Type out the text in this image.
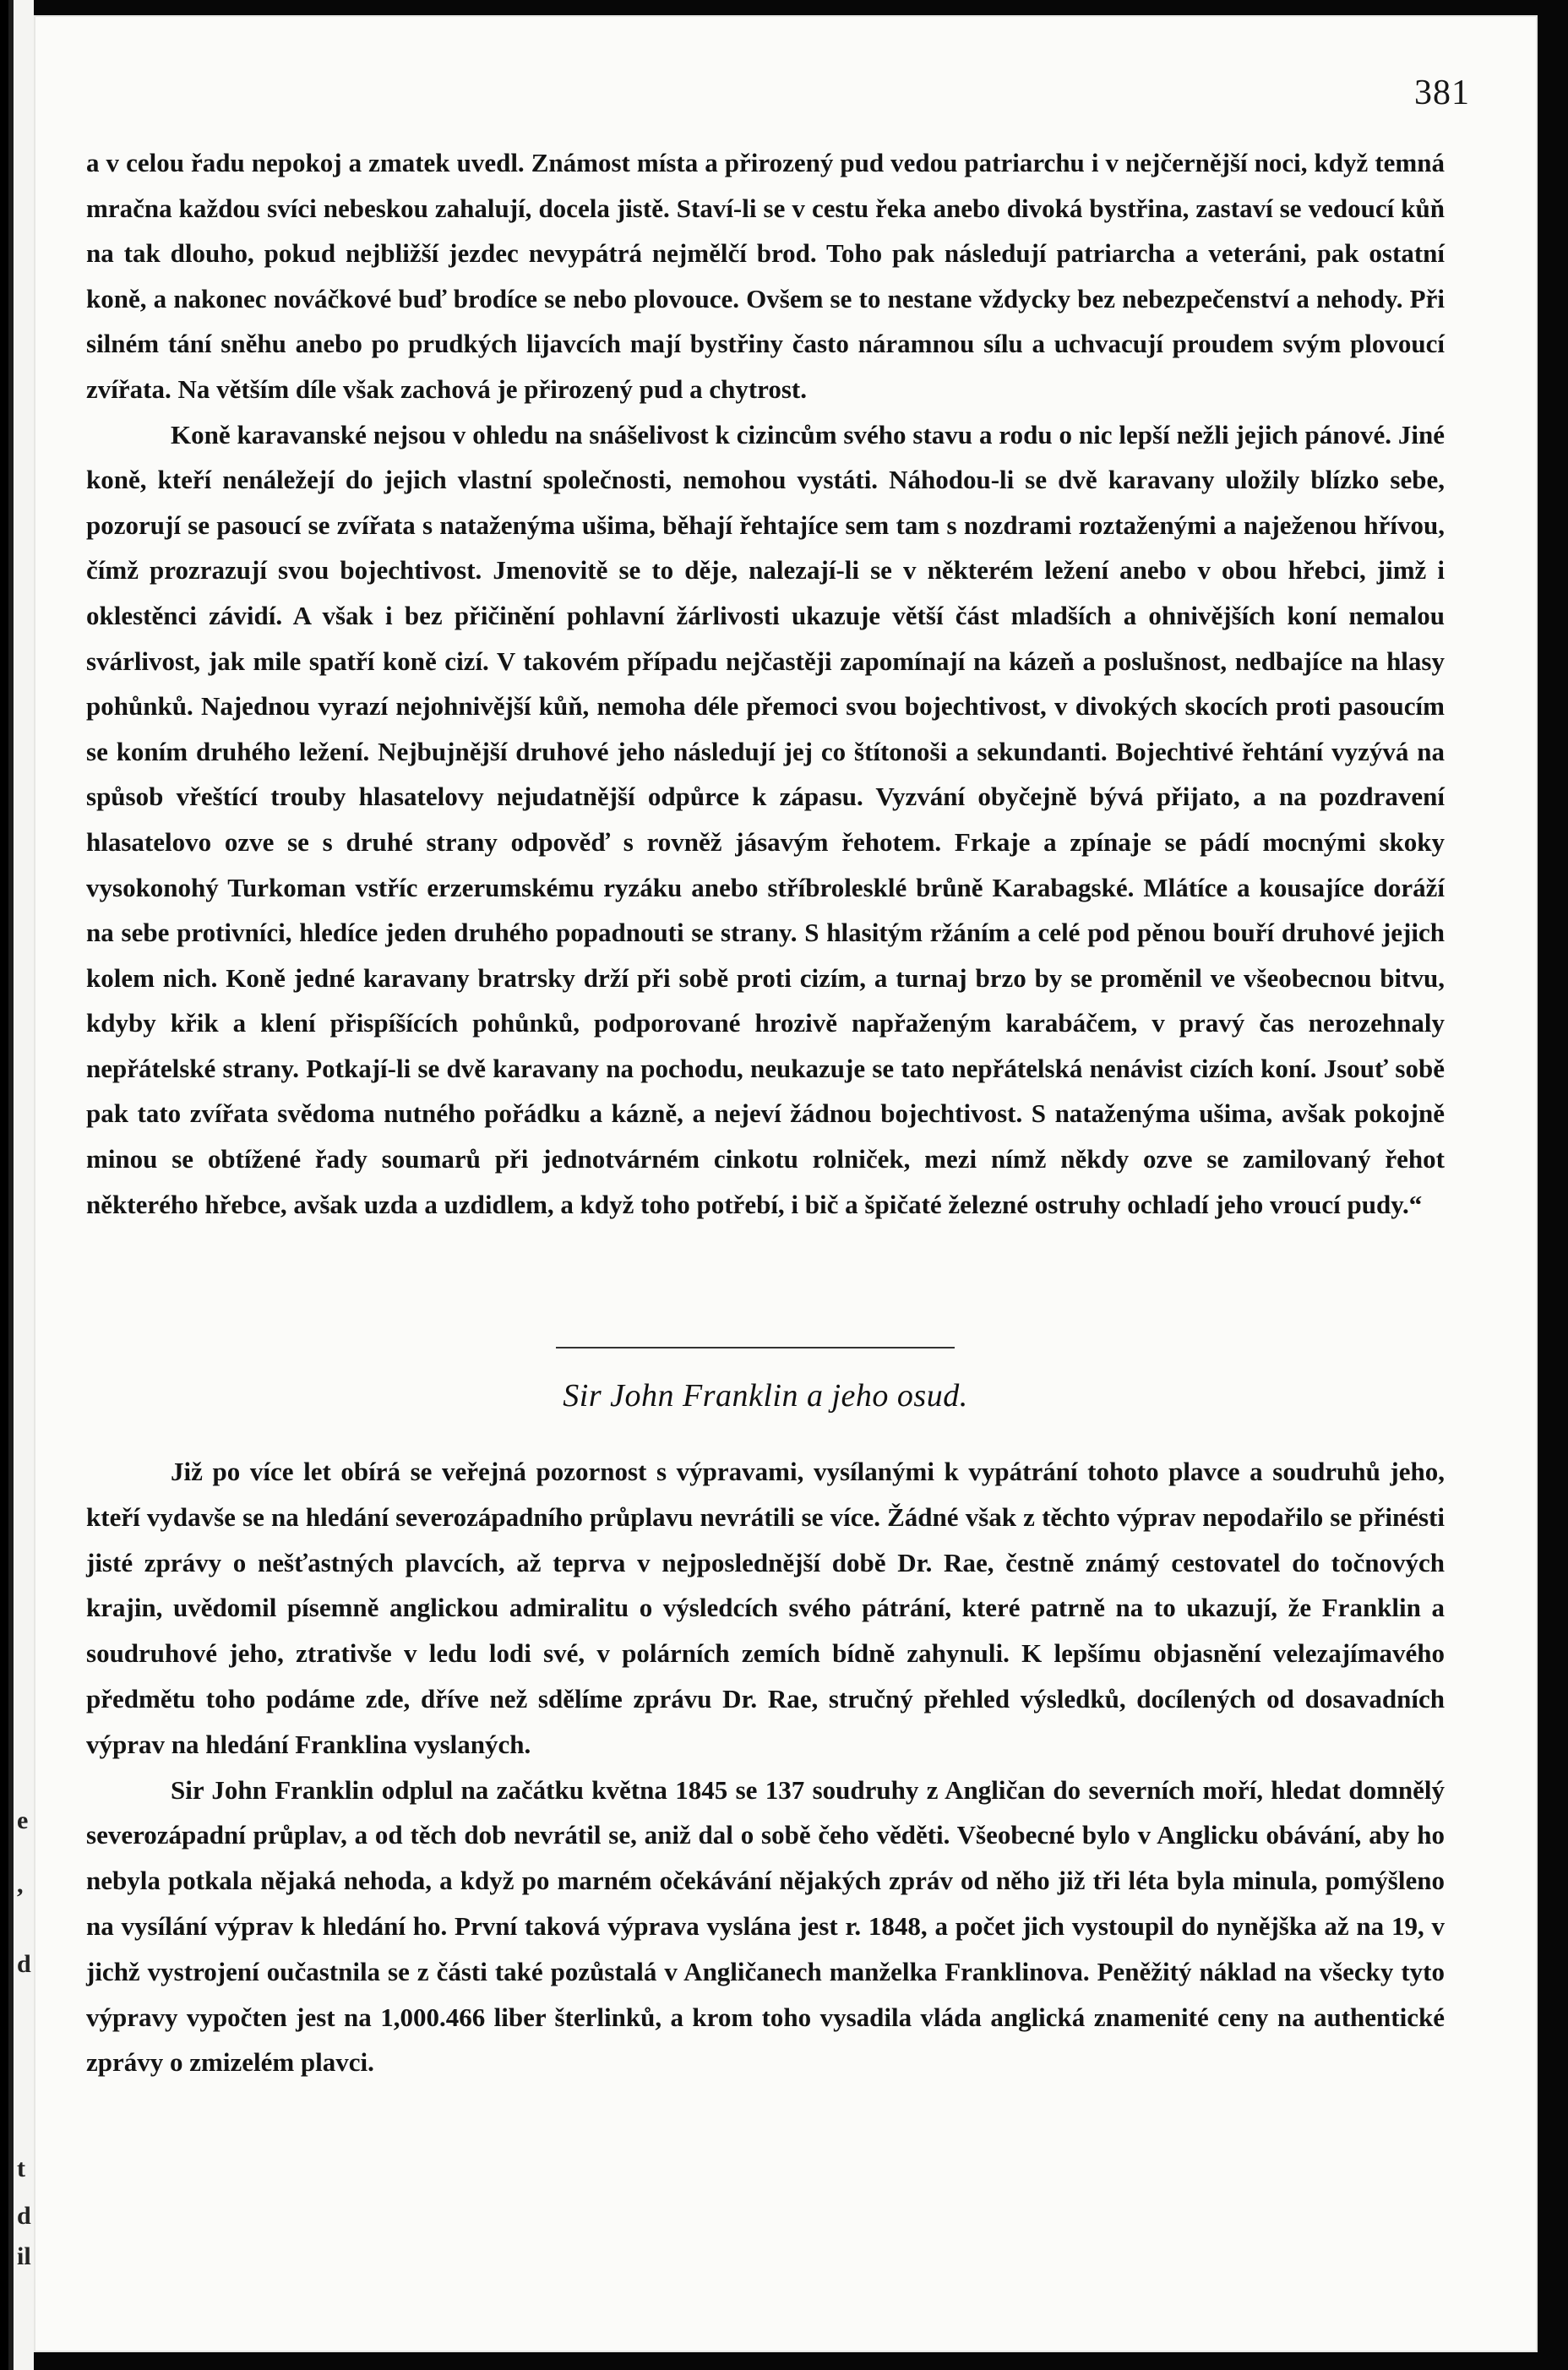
e
,
d
t
d
il
381

a v celou řadu nepokoj a zmatek uvedl. Známost místa a přirozený pud vedou patriarchu i v nejčernější noci, když temná mračna každou svíci nebeskou zahalují, docela jistě. Staví-li se v cestu řeka anebo divoká bystřina, zastaví se vedoucí kůň na tak dlouho, pokud nejbližší jezdec nevypátrá nejmělčí brod. Toho pak následují patriarcha a veteráni, pak ostatní koně, a nakonec nováčkové buď brodíce se nebo plovouce. Ovšem se to nestane vždycky bez nebezpečenství a nehody. Při silném tání sněhu anebo po prudkých lijavcích mají bystřiny často náramnou sílu a uchvacují proudem svým plovoucí zvířata. Na větším díle však zachová je přirozený pud a chytrost.

Koně karavanské nejsou v ohledu na snášelivost k cizincům svého stavu a rodu o nic lepší nežli jejich pánové. Jiné koně, kteří nenáležejí do jejich vlastní společnosti, nemohou vystáti. Náhodou-li se dvě karavany uložily blízko sebe, pozorují se pasoucí se zvířata s nataženýma ušima, běhají řehtajíce sem tam s nozdrami roztaženými a naježenou hřívou, čímž prozrazují svou bojechtivost. Jmenovitě se to děje, nalezají-li se v některém ležení anebo v obou hřebci, jimž i oklestěnci závidí. A však i bez přičinění pohlavní žárlivosti ukazuje větší část mladších a ohnivějších koní nemalou svárlivost, jak mile spatří koně cizí. V takovém případu nejčastěji zapomínají na kázeň a poslušnost, nedbajíce na hlasy pohůnků. Najednou vyrazí nejohnivější kůň, nemoha déle přemoci svou bojechtivost, v divokých skocích proti pasoucím se koním druhého ležení. Nejbujnější druhové jeho následují jej co štítonoši a sekundanti. Bojechtivé řehtání vyzývá na spůsob vřeštící trouby hlasatelovy nejudatnější odpůrce k zápasu. Vyzvání obyčejně bývá přijato, a na pozdravení hlasatelovo ozve se s druhé strany odpověď s rovněž jásavým řehotem. Frkaje a zpínaje se pádí mocnými skoky vysokonohý Turkoman vstříc erzerumskému ryzáku anebo stříbrolesklé brůně Karabagské. Mlátíce a kousajíce doráží na sebe protivníci, hledíce jeden druhého popadnouti se strany. S hlasitým ržáním a celé pod pěnou bouří druhové jejich kolem nich. Koně jedné karavany bratrsky drží při sobě proti cizím, a turnaj brzo by se proměnil ve všeobecnou bitvu, kdyby křik a klení přispíšících pohůnků, podporované hrozivě napřaženým karabáčem, v pravý čas nerozehnaly nepřátelské strany. Potkají-li se dvě karavany na pochodu, neukazuje se tato nepřátelská nenávist cizích koní. Jsouť sobě pak tato zvířata svědoma nutného pořádku a kázně, a nejeví žádnou bojechtivost. S nataženýma ušima, avšak pokojně minou se obtížené řady soumarů při jednotvárném cinkotu rolniček, mezi nímž někdy ozve se zamilovaný řehot některého hřebce, avšak uzda a uzdidlem, a když toho potřebí, i bič a špičaté železné ostruhy ochladí jeho vroucí pudy.“

Sir John Franklin a jeho osud.

Již po více let obírá se veřejná pozornost s výpravami, vysílanými k vypátrání tohoto plavce a soudruhů jeho, kteří vydavše se na hledání severozápadního průplavu nevrátili se více. Žádné však z těchto výprav nepodařilo se přinésti jisté zprávy o nešťastných plavcích, až teprva v nejposlednější době Dr. Rae, čestně známý cestovatel do točnových krajin, uvědomil písemně anglickou admiralitu o výsledcích svého pátrání, které patrně na to ukazují, že Franklin a soudruhové jeho, ztrativše v ledu lodi své, v polárních zemích bídně zahynuli. K lepšímu objasnění velezajímavého předmětu toho podáme zde, dříve než sdělíme zprávu Dr. Rae, stručný přehled výsledků, docílených od dosavadních výprav na hledání Franklina vyslaných.

Sir John Franklin odplul na začátku května 1845 se 137 soudruhy z Angličan do severních moří, hledat domnělý severozápadní průplav, a od těch dob nevrátil se, aniž dal o sobě čeho věděti. Všeobecné bylo v Anglicku obávání, aby ho nebyla potkala nějaká nehoda, a když po marném očekávání nějakých zpráv od něho již tři léta byla minula, pomýšleno na vysílání výprav k hledání ho. První taková výprava vyslána jest r. 1848, a počet jich vystoupil do nynějška až na 19, v jichž vystrojení oučastnila se z části také pozůstalá v Angličanech manželka Franklinova. Peněžitý náklad na všecky tyto výpravy vypočten jest na 1,000.466 liber šterlinků, a krom toho vysadila vláda anglická znamenité ceny na authentické zprávy o zmizelém plavci.
